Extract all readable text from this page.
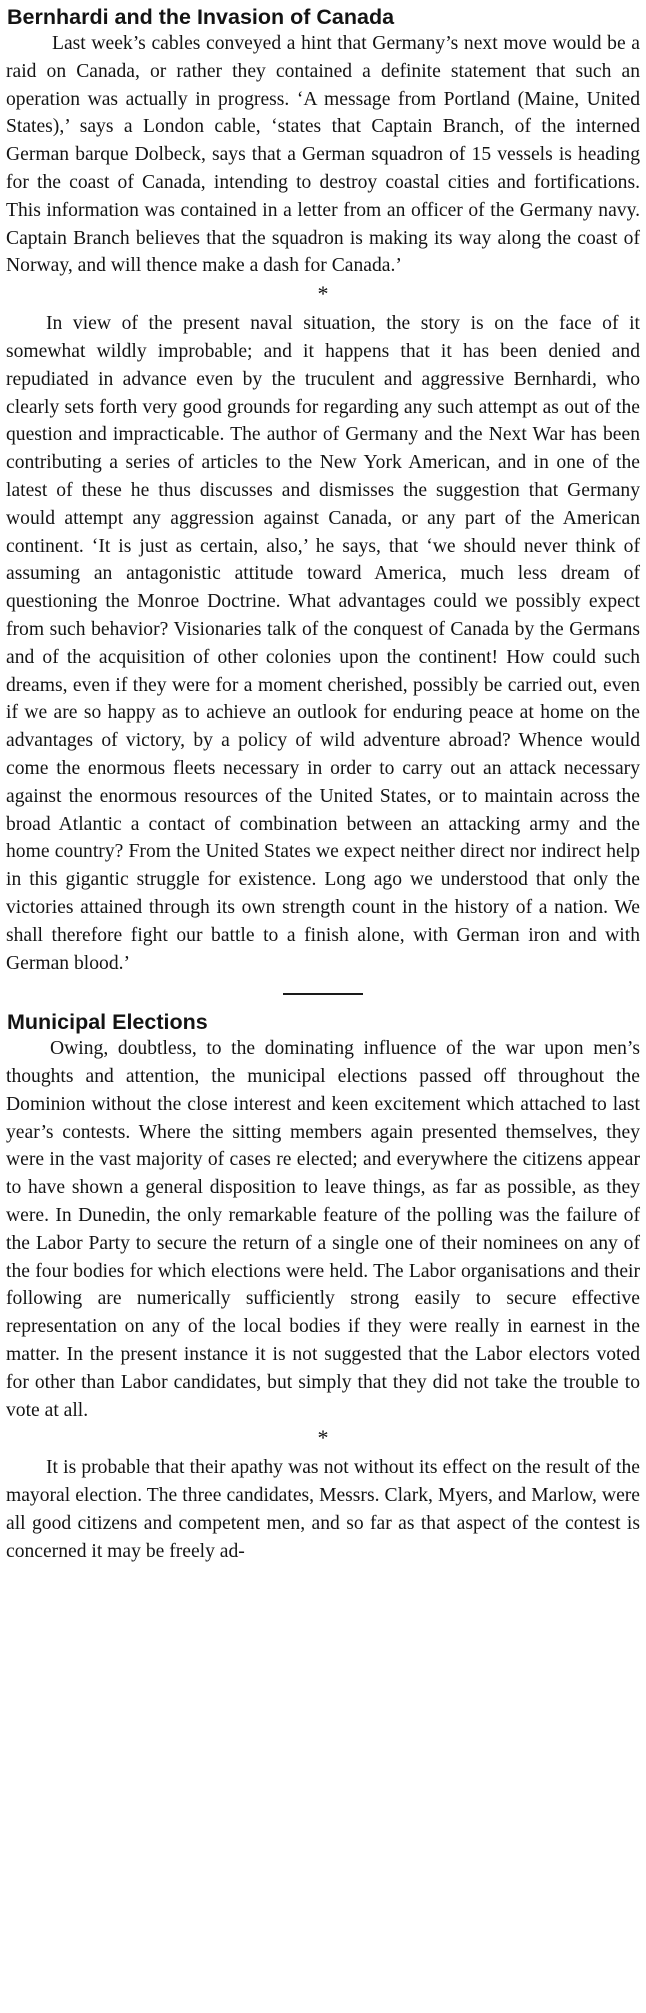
Bernhardi and the Invasion of Canada

Last week’s cables conveyed a hint that Germany’s next move would be a raid on Canada, or rather they contained a definite statement that such an operation was actually in progress. ‘A message from Portland (Maine, United States),’ says a London cable, ‘states that Captain Branch, of the interned German barque Dolbeck, says that a German squadron of 15 vessels is heading for the coast of Canada, intending to destroy coastal cities and fortifications. This information was contained in a letter from an officer of the Germany navy. Captain Branch believes that the squadron is making its way along the coast of Norway, and will thence make a dash for Canada.’

*

In view of the present naval situation, the story is on the face of it somewhat wildly improbable; and it happens that it has been denied and repudiated in advance even by the truculent and aggressive Bernhardi, who clearly sets forth very good grounds for regarding any such attempt as out of the question and impracticable. The author of Germany and the Next War has been contributing a series of articles to the New York American, and in one of the latest of these he thus discusses and dismisses the suggestion that Germany would attempt any aggression against Canada, or any part of the American continent. ‘It is just as certain, also,’ he says, that ‘we should never think of assuming an antagonistic attitude toward America, much less dream of questioning the Monroe Doctrine. What advantages could we possibly expect from such behavior? Visionaries talk of the conquest of Canada by the Germans and of the acquisition of other colonies upon the continent! How could such dreams, even if they were for a moment cherished, possibly be carried out, even if we are so happy as to achieve an outlook for enduring peace at home on the advantages of victory, by a policy of wild adventure abroad? Whence would come the enormous fleets necessary in order to carry out an attack necessary against the enormous resources of the United States, or to maintain across the broad Atlantic a contact of combination between an attacking army and the home country? From the United States we expect neither direct nor indirect help in this gigantic struggle for existence. Long ago we understood that only the victories attained through its own strength count in the history of a nation. We shall therefore fight our battle to a finish alone, with German iron and with German blood.’

Municipal Elections

Owing, doubtless, to the dominating influence of the war upon men’s thoughts and attention, the municipal elections passed off throughout the Dominion without the close interest and keen excitement which attached to last year’s contests. Where the sitting members again presented themselves, they were in the vast majority of cases re elected; and everywhere the citizens appear to have shown a general disposition to leave things, as far as possible, as they were. In Dunedin, the only remarkable feature of the polling was the failure of the Labor Party to secure the return of a single one of their nominees on any of the four bodies for which elections were held. The Labor organisations and their following are numerically sufficiently strong easily to secure effective representation on any of the local bodies if they were really in earnest in the matter. In the present instance it is not suggested that the Labor electors voted for other than Labor candidates, but simply that they did not take the trouble to vote at all.

*

It is probable that their apathy was not without its effect on the result of the mayoral election. The three candidates, Messrs. Clark, Myers, and Marlow, were all good citizens and competent men, and so far as that aspect of the contest is concerned it may be freely ad-
